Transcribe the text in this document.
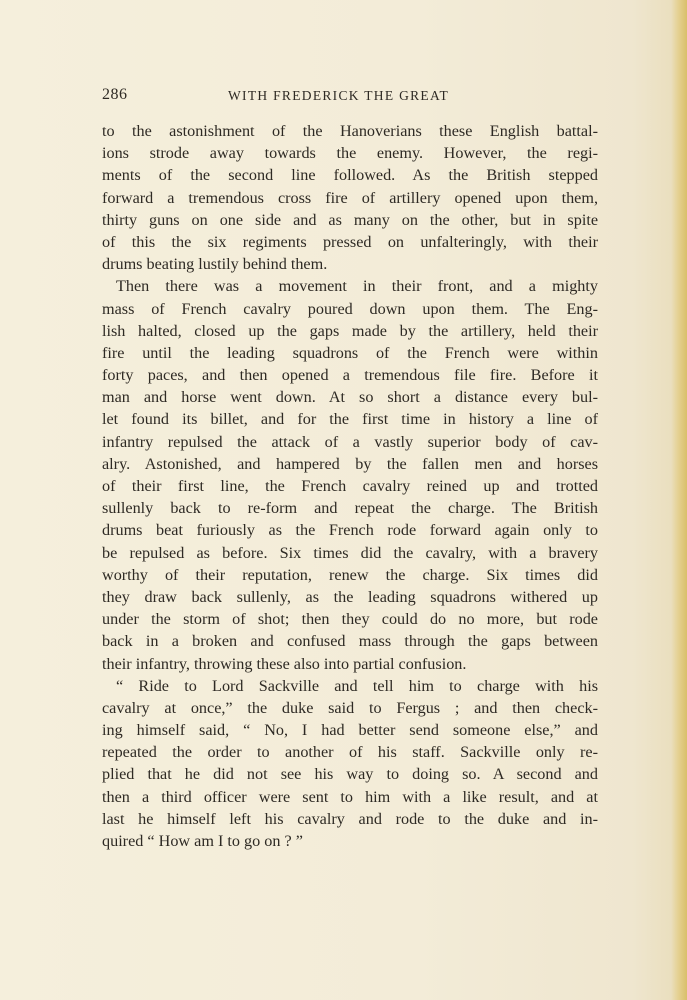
286	WITH FREDERICK THE GREAT
to the astonishment of the Hanoverians these English battal-
ions strode away towards the enemy. However, the regi-
ments of the second line followed. As the British stepped
forward a tremendous cross fire of artillery opened upon them,
thirty guns on one side and as many on the other, but in spite
of this the six regiments pressed on unfalteringly, with their
drums beating lustily behind them.
Then there was a movement in their front, and a mighty
mass of French cavalry poured down upon them. The Eng-
lish halted, closed up the gaps made by the artillery, held their
fire until the leading squadrons of the French were within
forty paces, and then opened a tremendous file fire. Before it
man and horse went down. At so short a distance every bul-
let found its billet, and for the first time in history a line of
infantry repulsed the attack of a vastly superior body of cav-
alry. Astonished, and hampered by the fallen men and horses
of their first line, the French cavalry reined up and trotted
sullenly back to re-form and repeat the charge. The British
drums beat furiously as the French rode forward again only to
be repulsed as before. Six times did the cavalry, with a bravery
worthy of their reputation, renew the charge. Six times did
they draw back sullenly, as the leading squadrons withered up
under the storm of shot; then they could do no more, but rode
back in a broken and confused mass through the gaps between
their infantry, throwing these also into partial confusion.
“ Ride to Lord Sackville and tell him to charge with his
cavalry at once,” the duke said to Fergus ; and then check-
ing himself said, “ No, I had better send someone else,” and
repeated the order to another of his staff. Sackville only re-
plied that he did not see his way to doing so. A second and
then a third officer were sent to him with a like result, and at
last he himself left his cavalry and rode to the duke and in-
quired “ How am I to go on ? ”
